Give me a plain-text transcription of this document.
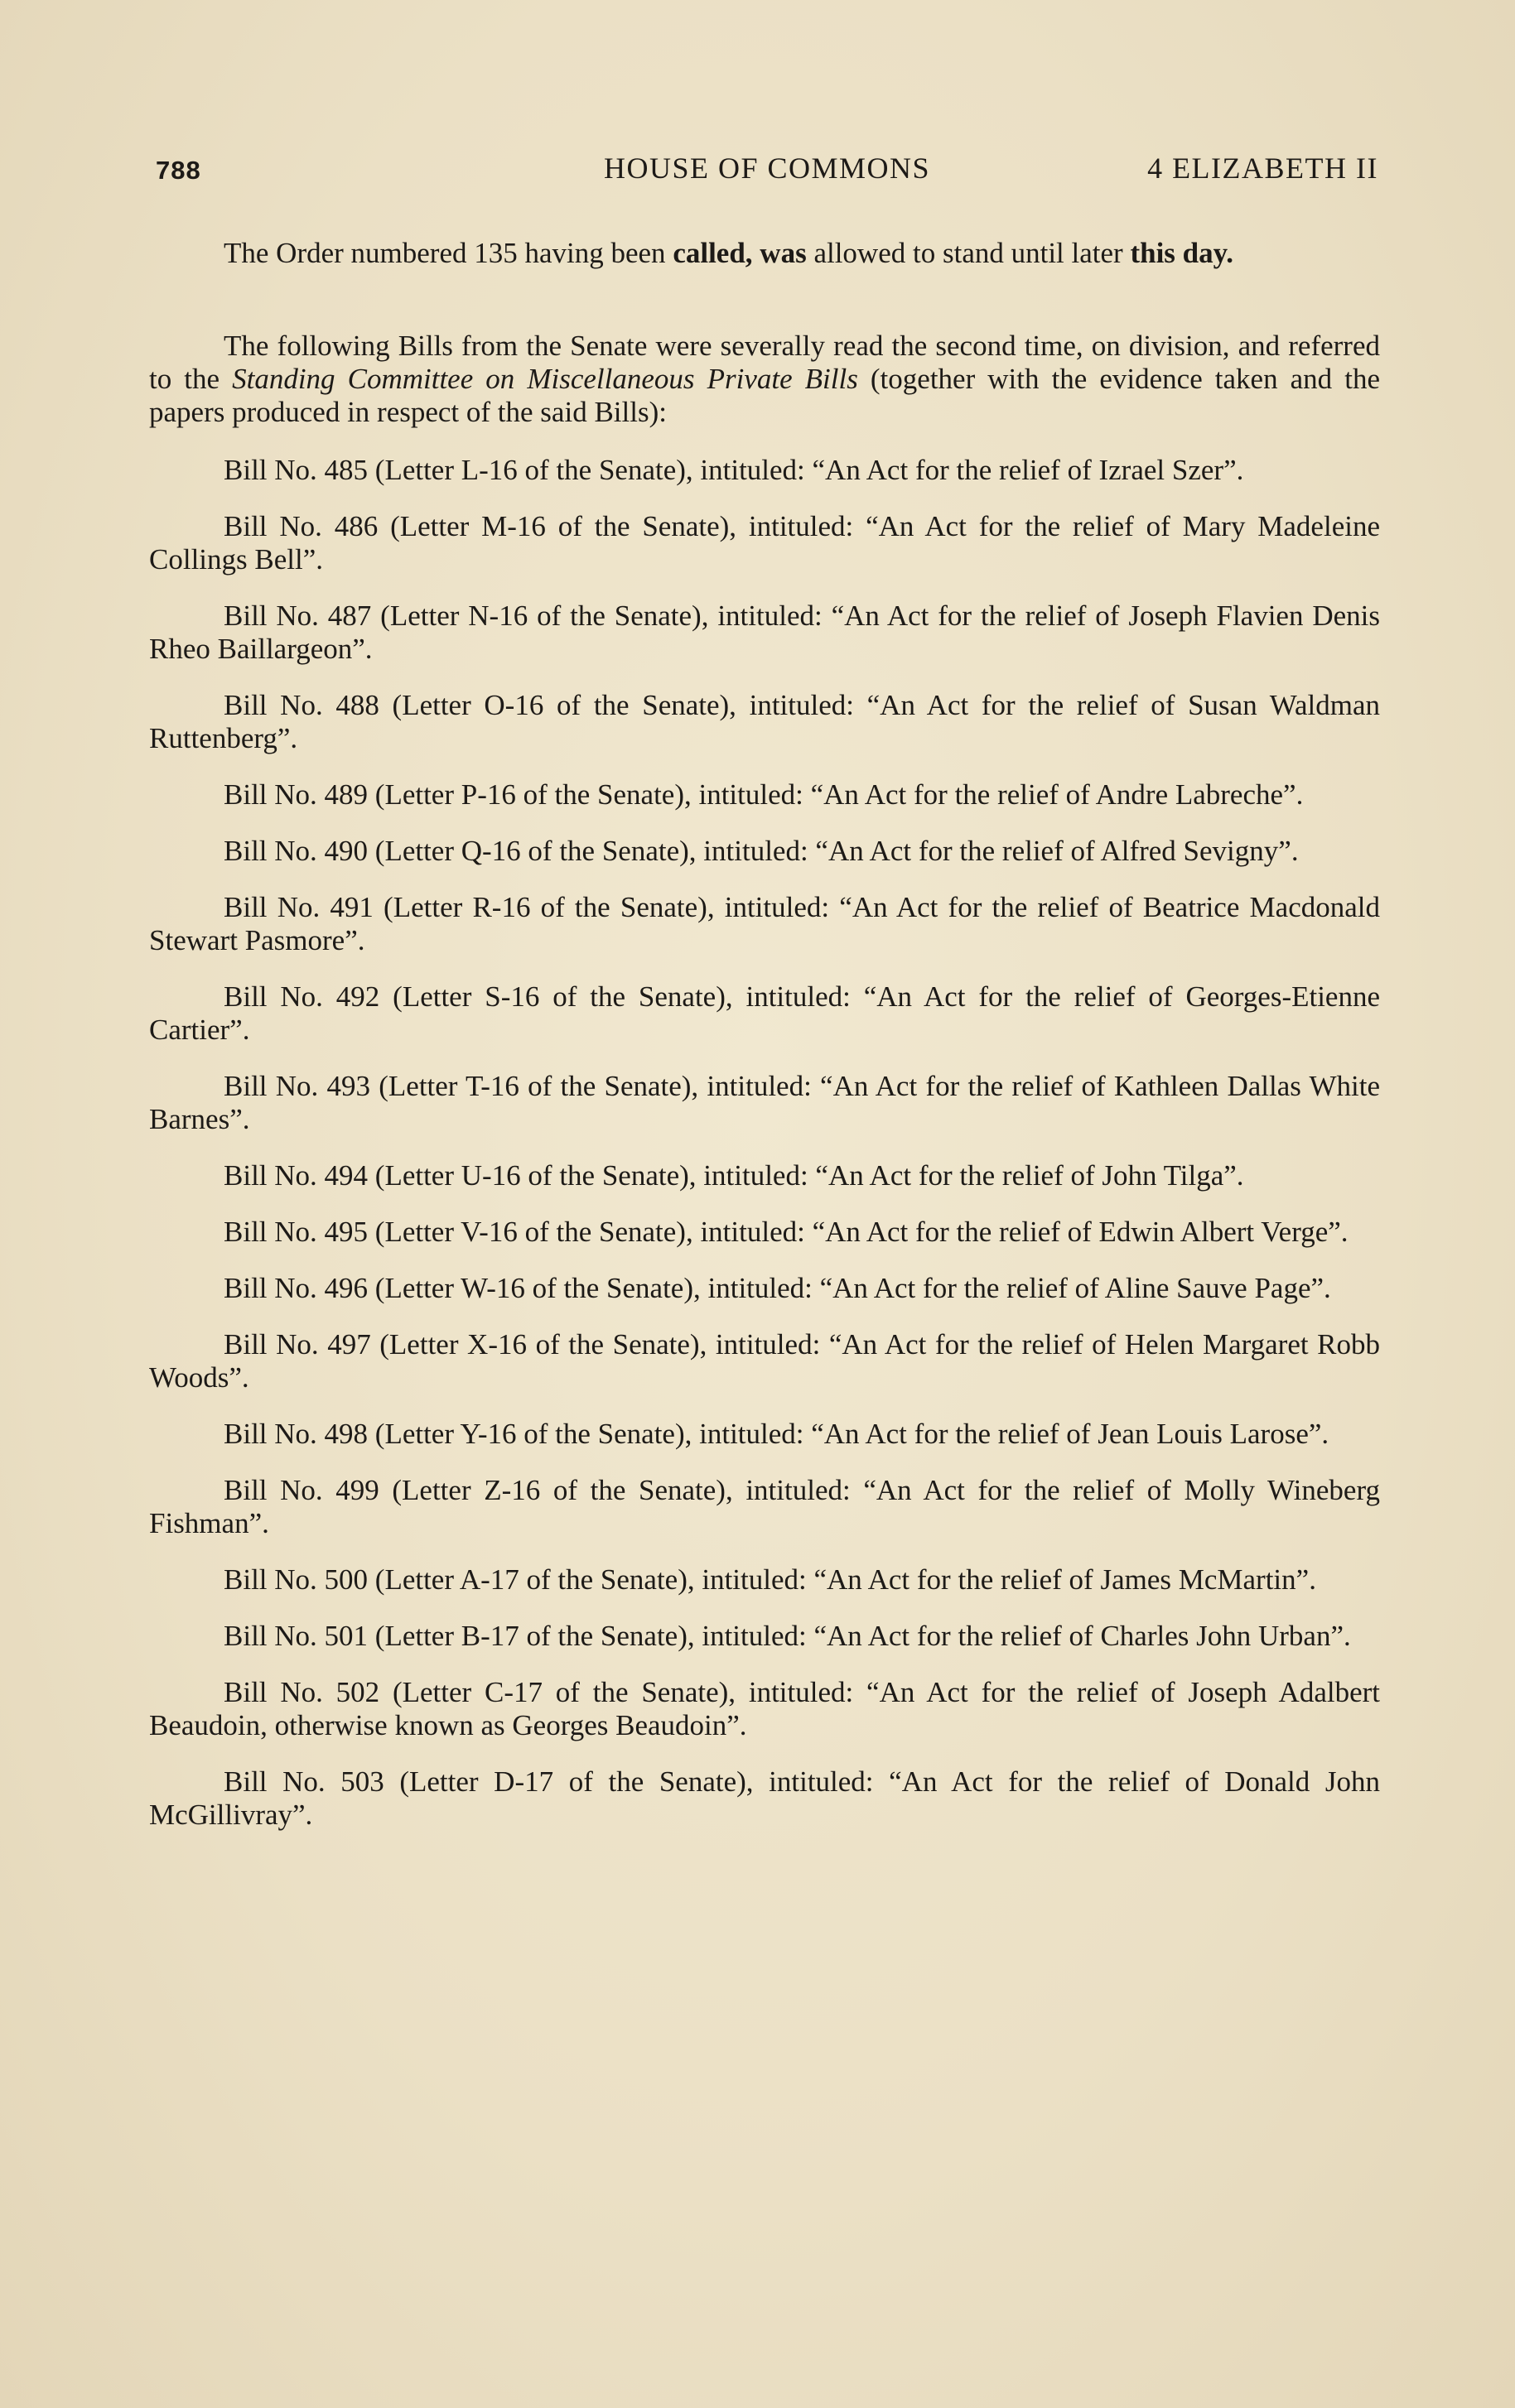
788	HOUSE OF COMMONS	4 ELIZABETH II

The Order numbered 135 having been called, was allowed to stand until later this day.

The following Bills from the Senate were severally read the second time, on division, and referred to the Standing Committee on Miscellaneous Private Bills (together with the evidence taken and the papers produced in respect of the said Bills):

Bill No. 485 (Letter L-16 of the Senate), intituled: “An Act for the relief of Izrael Szer”.

Bill No. 486 (Letter M-16 of the Senate), intituled: “An Act for the relief of Mary Madeleine Collings Bell”.

Bill No. 487 (Letter N-16 of the Senate), intituled: “An Act for the relief of Joseph Flavien Denis Rheo Baillargeon”.

Bill No. 488 (Letter O-16 of the Senate), intituled: “An Act for the relief of Susan Waldman Ruttenberg”.

Bill No. 489 (Letter P-16 of the Senate), intituled: “An Act for the relief of Andre Labreche”.

Bill No. 490 (Letter Q-16 of the Senate), intituled: “An Act for the relief of Alfred Sevigny”.

Bill No. 491 (Letter R-16 of the Senate), intituled: “An Act for the relief of Beatrice Macdonald Stewart Pasmore”.

Bill No. 492 (Letter S-16 of the Senate), intituled: “An Act for the relief of Georges-Etienne Cartier”.

Bill No. 493 (Letter T-16 of the Senate), intituled: “An Act for the relief of Kathleen Dallas White Barnes”.

Bill No. 494 (Letter U-16 of the Senate), intituled: “An Act for the relief of John Tilga”.

Bill No. 495 (Letter V-16 of the Senate), intituled: “An Act for the relief of Edwin Albert Verge”.

Bill No. 496 (Letter W-16 of the Senate), intituled: “An Act for the relief of Aline Sauve Page”.

Bill No. 497 (Letter X-16 of the Senate), intituled: “An Act for the relief of Helen Margaret Robb Woods”.

Bill No. 498 (Letter Y-16 of the Senate), intituled: “An Act for the relief of Jean Louis Larose”.

Bill No. 499 (Letter Z-16 of the Senate), intituled: “An Act for the relief of Molly Wineberg Fishman”.

Bill No. 500 (Letter A-17 of the Senate), intituled: “An Act for the relief of James McMartin”.

Bill No. 501 (Letter B-17 of the Senate), intituled: “An Act for the relief of Charles John Urban”.

Bill No. 502 (Letter C-17 of the Senate), intituled: “An Act for the relief of Joseph Adalbert Beaudoin, otherwise known as Georges Beaudoin”.

Bill No. 503 (Letter D-17 of the Senate), intituled: “An Act for the relief of Donald John McGillivray”.
